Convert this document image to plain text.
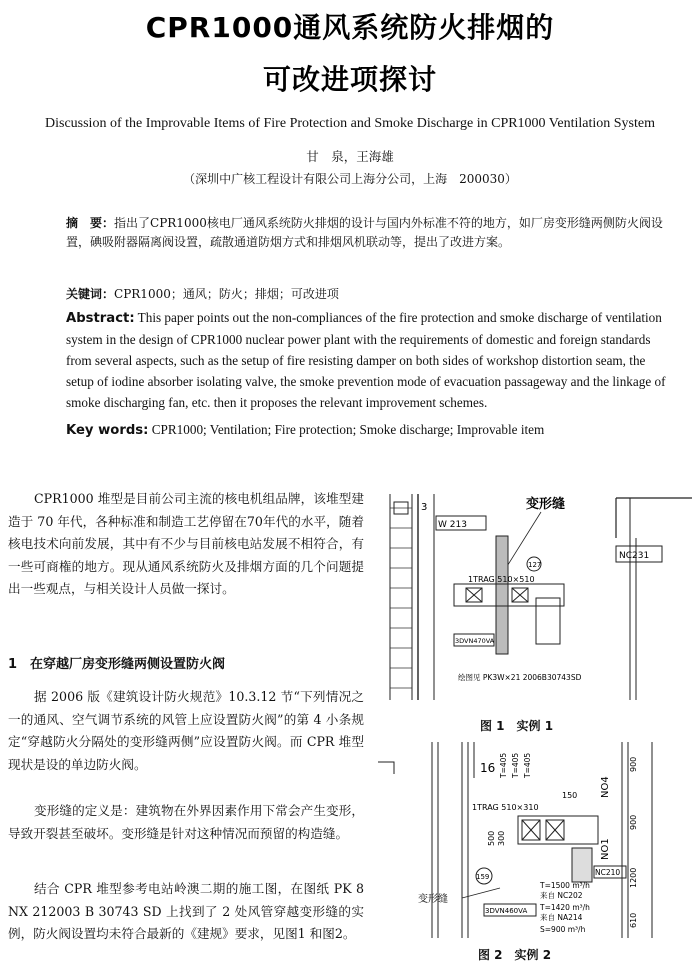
CPR1000通风系统防火排烟的
可改进项探讨
Discussion of the Improvable Items of Fire Protection and Smoke Discharge in CPR1000 Ventilation System
甘　泉，王海雄
（深圳中广核工程设计有限公司上海分公司，上海　200030）
摘　要：指出了CPR1000核电厂通风系统防火排烟的设计与国内外标准不符的地方，如厂房变形缝两侧防火阀设置，碘吸附器隔离阀设置，疏散通道防烟方式和排烟风机联动等，提出了改进方案。
关键词：CPR1000；通风；防火；排烟；可改进项
Abstract: This paper points out the non-compliances of the fire protection and smoke discharge of ventilation system in the design of CPR1000 nuclear power plant with the requirements of domestic and foreign standards from several aspects, such as the setup of fire resisting damper on both sides of workshop distortion seam, the setup of iodine absorber isolating valve, the smoke prevention mode of evacuation passageway and the linkage of smoke discharging fan, etc. then it proposes the relevant improvement schemes.
Key words: CPR1000; Ventilation; Fire protection; Smoke discharge; Improvable item
CPR1000 堆型是目前公司主流的核电机组品牌，该堆型建造于 70 年代，各种标准和制造工艺停留在70年代的水平，随着核电技术向前发展，其中有不少与目前核电站发展不相符合，有一些可商権的地方。现从通风系统防火及排烟方面的几个问题提出一些观点，与相关设计人员做一探讨。
1　在穿越厂房变形缝两侧设置防火阀
据 2006 版《建筑设计防火规范》10.3.12 节“下列情况之一的通风、空气调节系统的风管上应设置防火阀”的第 4 小条规定“穿越防火分隔处的变形缝两侧”应设置防火阀。而 CPR 堆型现状是设的单边防火阀。
变形缝的定义是：建筑物在外界因素作用下常会产生变形，导致开裂甚至破坏。变形缝是针对这种情况而预留的构造缝。
结合 CPR 堆型参考电站岭澳二期的施工图，在图纸 PK 8 NX 212003 B 30743 SD 上找到了 2 处风管穿越变形缝的实例，防火阀设置均未符合最新的《建规》要求，见图1 和图2。
3
W 213
变形缝
NC231
1TRAG 510×510
127
3DVN470VA
绘图见 PK3W×21 2006B30743SD
图 1　实例 1
16 T=405 T=405 T=405
NO4
NO1
900
900
1200
610
150
1TRAG 510×310
300
500
NC210
159
变形缝
3DVN460VA
T=1500 m³/h
来自 NC202
T=1420 m³/h
来自 NA214
S=900 m³/h
图 2　实例 2
